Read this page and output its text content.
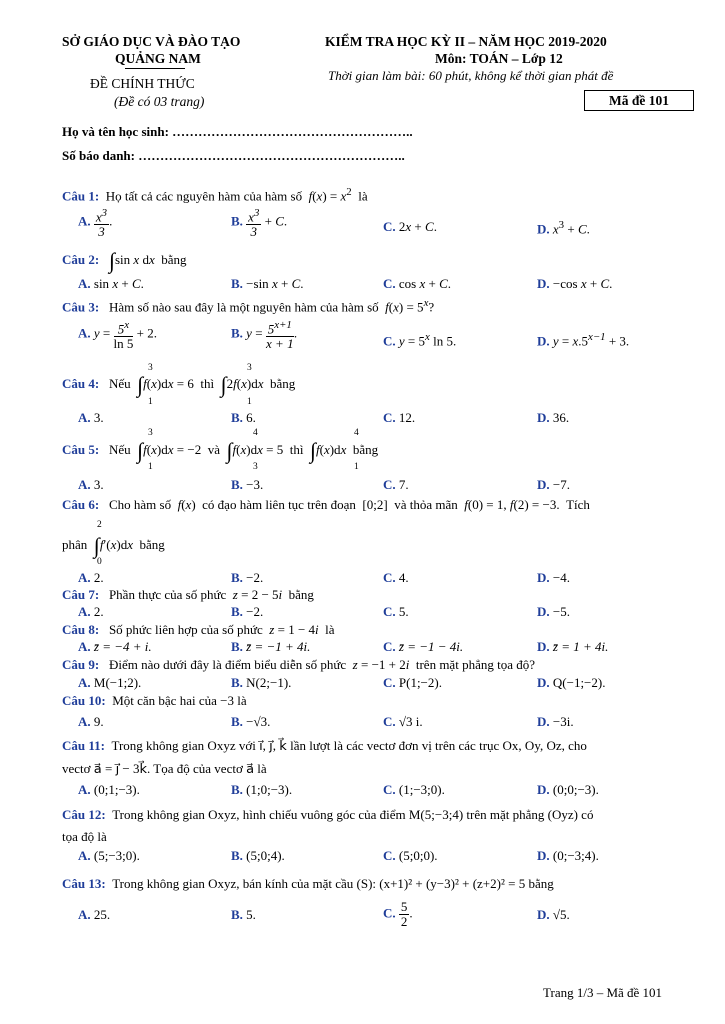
SỞ GIÁO DỤC VÀ ĐÀO TẠO
QUẢNG NAM
ĐỀ CHÍNH THỨC
(Đề có 03 trang)
KIỂM TRA HỌC KỲ II – NĂM HỌC 2019-2020
Môn: TOÁN – Lớp 12
Thời gian làm bài: 60 phút, không kể thời gian phát đề
Mã đề 101
Họ và tên học sinh: ………………………………………………..
Số báo danh: ……………………………………………………..
Câu 1: Họ tất cả các nguyên hàm của hàm số $f(x) = x^2$ là
A. $\frac{x^3}{3}$ .	B. $\frac{x^3}{3} + C$.	C. 2x + C.	D. $x^3 + C$.
Câu 2: ∫sin x dx bằng
A. sin x + C.	B. −sin x + C.	C. cos x + C.	D. −cos x + C.
Câu 3: Hàm số nào sau đây là một nguyên hàm của hàm số $f(x) = 5^x$?
A. $y = \frac{5^x}{\ln 5} + 2$.	B. $y = \frac{5^{x+1}}{x + 1}$ .
C. $y = 5^x$ ln 5.	D. $y = x.5^{x-1} + 3$.
3
1
3
1
Câu 4:   Nếu  ∫f(x)dx = 6  thì  ∫2f(x)dx  bằng
A. 3.	B. 6.	C. 12.	D. 36.
3
1
4
3
4
1
Câu 5:   Nếu  ∫f(x)dx = −2  và  ∫f(x)dx = 5  thì  ∫f(x)dx  bằng
A. 3.	B. −3.	C. 7.	D. −7.
Câu 6:   Cho hàm số  f(x)  có đạo hàm liên tục trên đoạn  [0;2]  và thỏa mãn  f(0) = 1, f(2) = −3.  Tích
2
0
phân  ∫f′(x)dx  bằng
A. 2.	B. −2.	C. 4.	D. −4.
Câu 7:   Phần thực của số phức  z = 2 − 5i  bằng
A. 2.	B. −2.	C. 5.	D. −5.
Câu 8:   Số phức liên hợp của số phức  z = 1 − 4i  là
A. z̄ = −4 + i.	B. z̄ = −1 + 4i.	C. z̄ = −1 − 4i.	D. z̄ = 1 + 4i.
Câu 9:   Điểm nào dưới đây là điểm biểu diễn số phức  z = −1 + 2i  trên mặt phẳng tọa độ?
A. M(−1;2).	B. N(2;−1).	C. P(1;−2).	D. Q(−1;−2).
Câu 10: Một căn bậc hai của −3 là
A. 9.	B. −√3.	C. √3 i.	D. −3i.
Câu 11: Trong không gian Oxyz với i⃗, j⃗, k⃗ lần lượt là các vectơ đơn vị trên các trục Ox, Oy, Oz, cho
vectơ a⃗ = j⃗ − 3k⃗. Tọa độ của vectơ a⃗ là
A. (0;1;−3).	B. (1;0;−3).	C. (1;−3;0).	D. (0;0;−3).
Câu 12: Trong không gian Oxyz, hình chiếu vuông góc của điểm M(5;−3;4) trên mặt phẳng (Oyz) có
tọa độ là
A. (5;−3;0).	B. (5;0;4).	C. (5;0;0).	D. (0;−3;4).
Câu 13: Trong không gian Oxyz, bán kính của mặt cầu (S): (x+1)² + (y−3)² + (z+2)² = 5 bằng
A. 25.	B. 5.	C. $\frac{5}{2}$ .	D. √5.
Trang 1/3 – Mã đề 101
